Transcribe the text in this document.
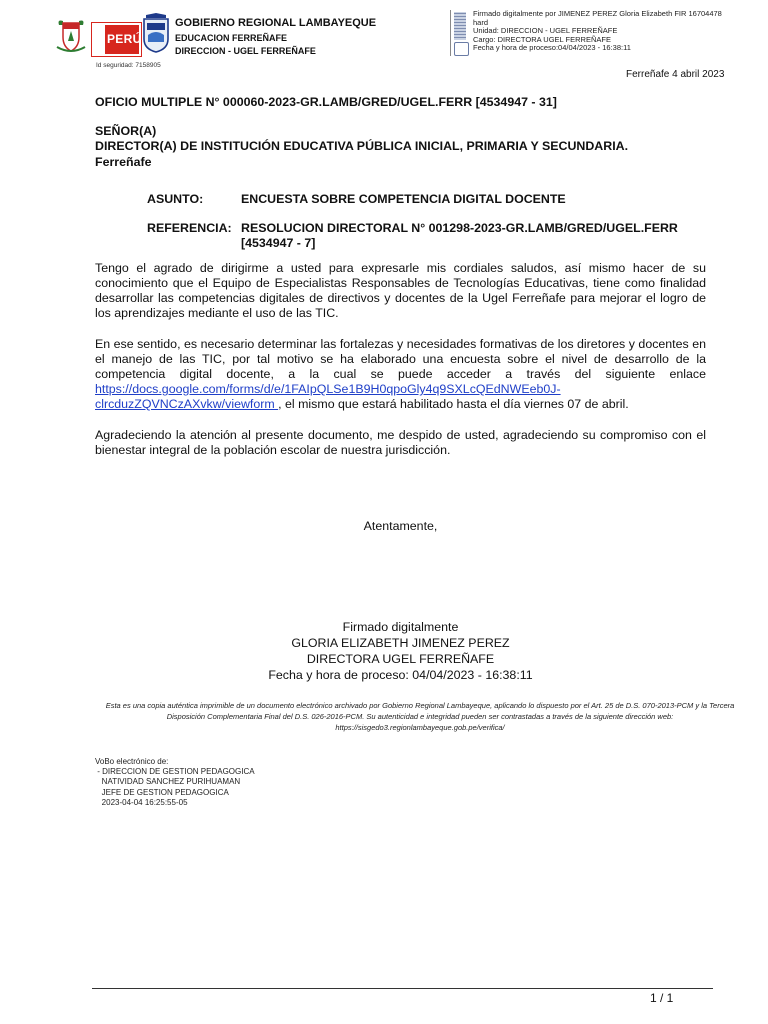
PERÚ
GOBIERNO REGIONAL LAMBAYEQUE
EDUCACION FERREÑAFE
DIRECCION - UGEL FERREÑAFE
Firmado digitalmente por JIMENEZ PEREZ Gloria Elizabeth FIR 16704478
hard
Unidad: DIRECCION - UGEL FERREÑAFE
Cargo: DIRECTORA UGEL FERREÑAFE
Fecha y hora de proceso:04/04/2023 - 16:38:11
Id seguridad: 7158905
Ferreñafe 4 abril 2023
OFICIO MULTIPLE N° 000060-2023-GR.LAMB/GRED/UGEL.FERR [4534947 - 31]
SEÑOR(A)
DIRECTOR(A) DE INSTITUCIÓN EDUCATIVA PÚBLICA INICIAL, PRIMARIA Y SECUNDARIA.
Ferreñafe
ASUNTO:	ENCUESTA SOBRE COMPETENCIA DIGITAL DOCENTE
REFERENCIA: RESOLUCION DIRECTORAL N° 001298-2023-GR.LAMB/GRED/UGEL.FERR [4534947 - 7]
Tengo el agrado de dirigirme a usted para expresarle mis cordiales saludos, así mismo hacer de su conocimiento que el Equipo de Especialistas Responsables de Tecnologías Educativas, tiene como finalidad desarrollar las competencias digitales de directivos y docentes de la Ugel Ferreñafe para mejorar el logro de los aprendizajes mediante el uso de las TIC.
En ese sentido, es necesario determinar las fortalezas y necesidades formativas de los diretores y docentes en el manejo de las TIC, por tal motivo se ha elaborado una encuesta sobre el nivel de desarrollo de la competencia digital docente, a la cual se puede acceder a través del siguiente enlace https://docs.google.com/forms/d/e/1FAIpQLSe1B9H0qpoGly4q9SXLcQEdNWEeb0J-clrcduzZQVNCzAXvkw/viewform , el mismo que estará habilitado hasta el día viernes 07 de abril.
Agradeciendo la atención al presente documento, me despido de usted, agradeciendo su compromiso con el bienestar integral de la población escolar de nuestra jurisdicción.
Atentamente,
Firmado digitalmente
GLORIA ELIZABETH JIMENEZ PEREZ
DIRECTORA UGEL FERREÑAFE
Fecha y hora de proceso: 04/04/2023 - 16:38:11
Esta es una copia auténtica imprimible de un documento electrónico archivado por Gobierno Regional Lambayeque, aplicando lo dispuesto por el Art. 25 de D.S. 070-2013-PCM y la Tercera Disposición Complementaria Final del D.S. 026-2016-PCM. Su autenticidad e integridad pueden ser contrastadas a través de la siguiente dirección web: https://sisgedo3.regionlambayeque.gob.pe/verifica/
VoBo electrónico de:
- DIRECCION DE GESTION PEDAGOGICA
NATIVIDAD SANCHEZ PURIHUAMAN
JEFE DE GESTION PEDAGOGICA
2023-04-04 16:25:55-05
1 / 1
